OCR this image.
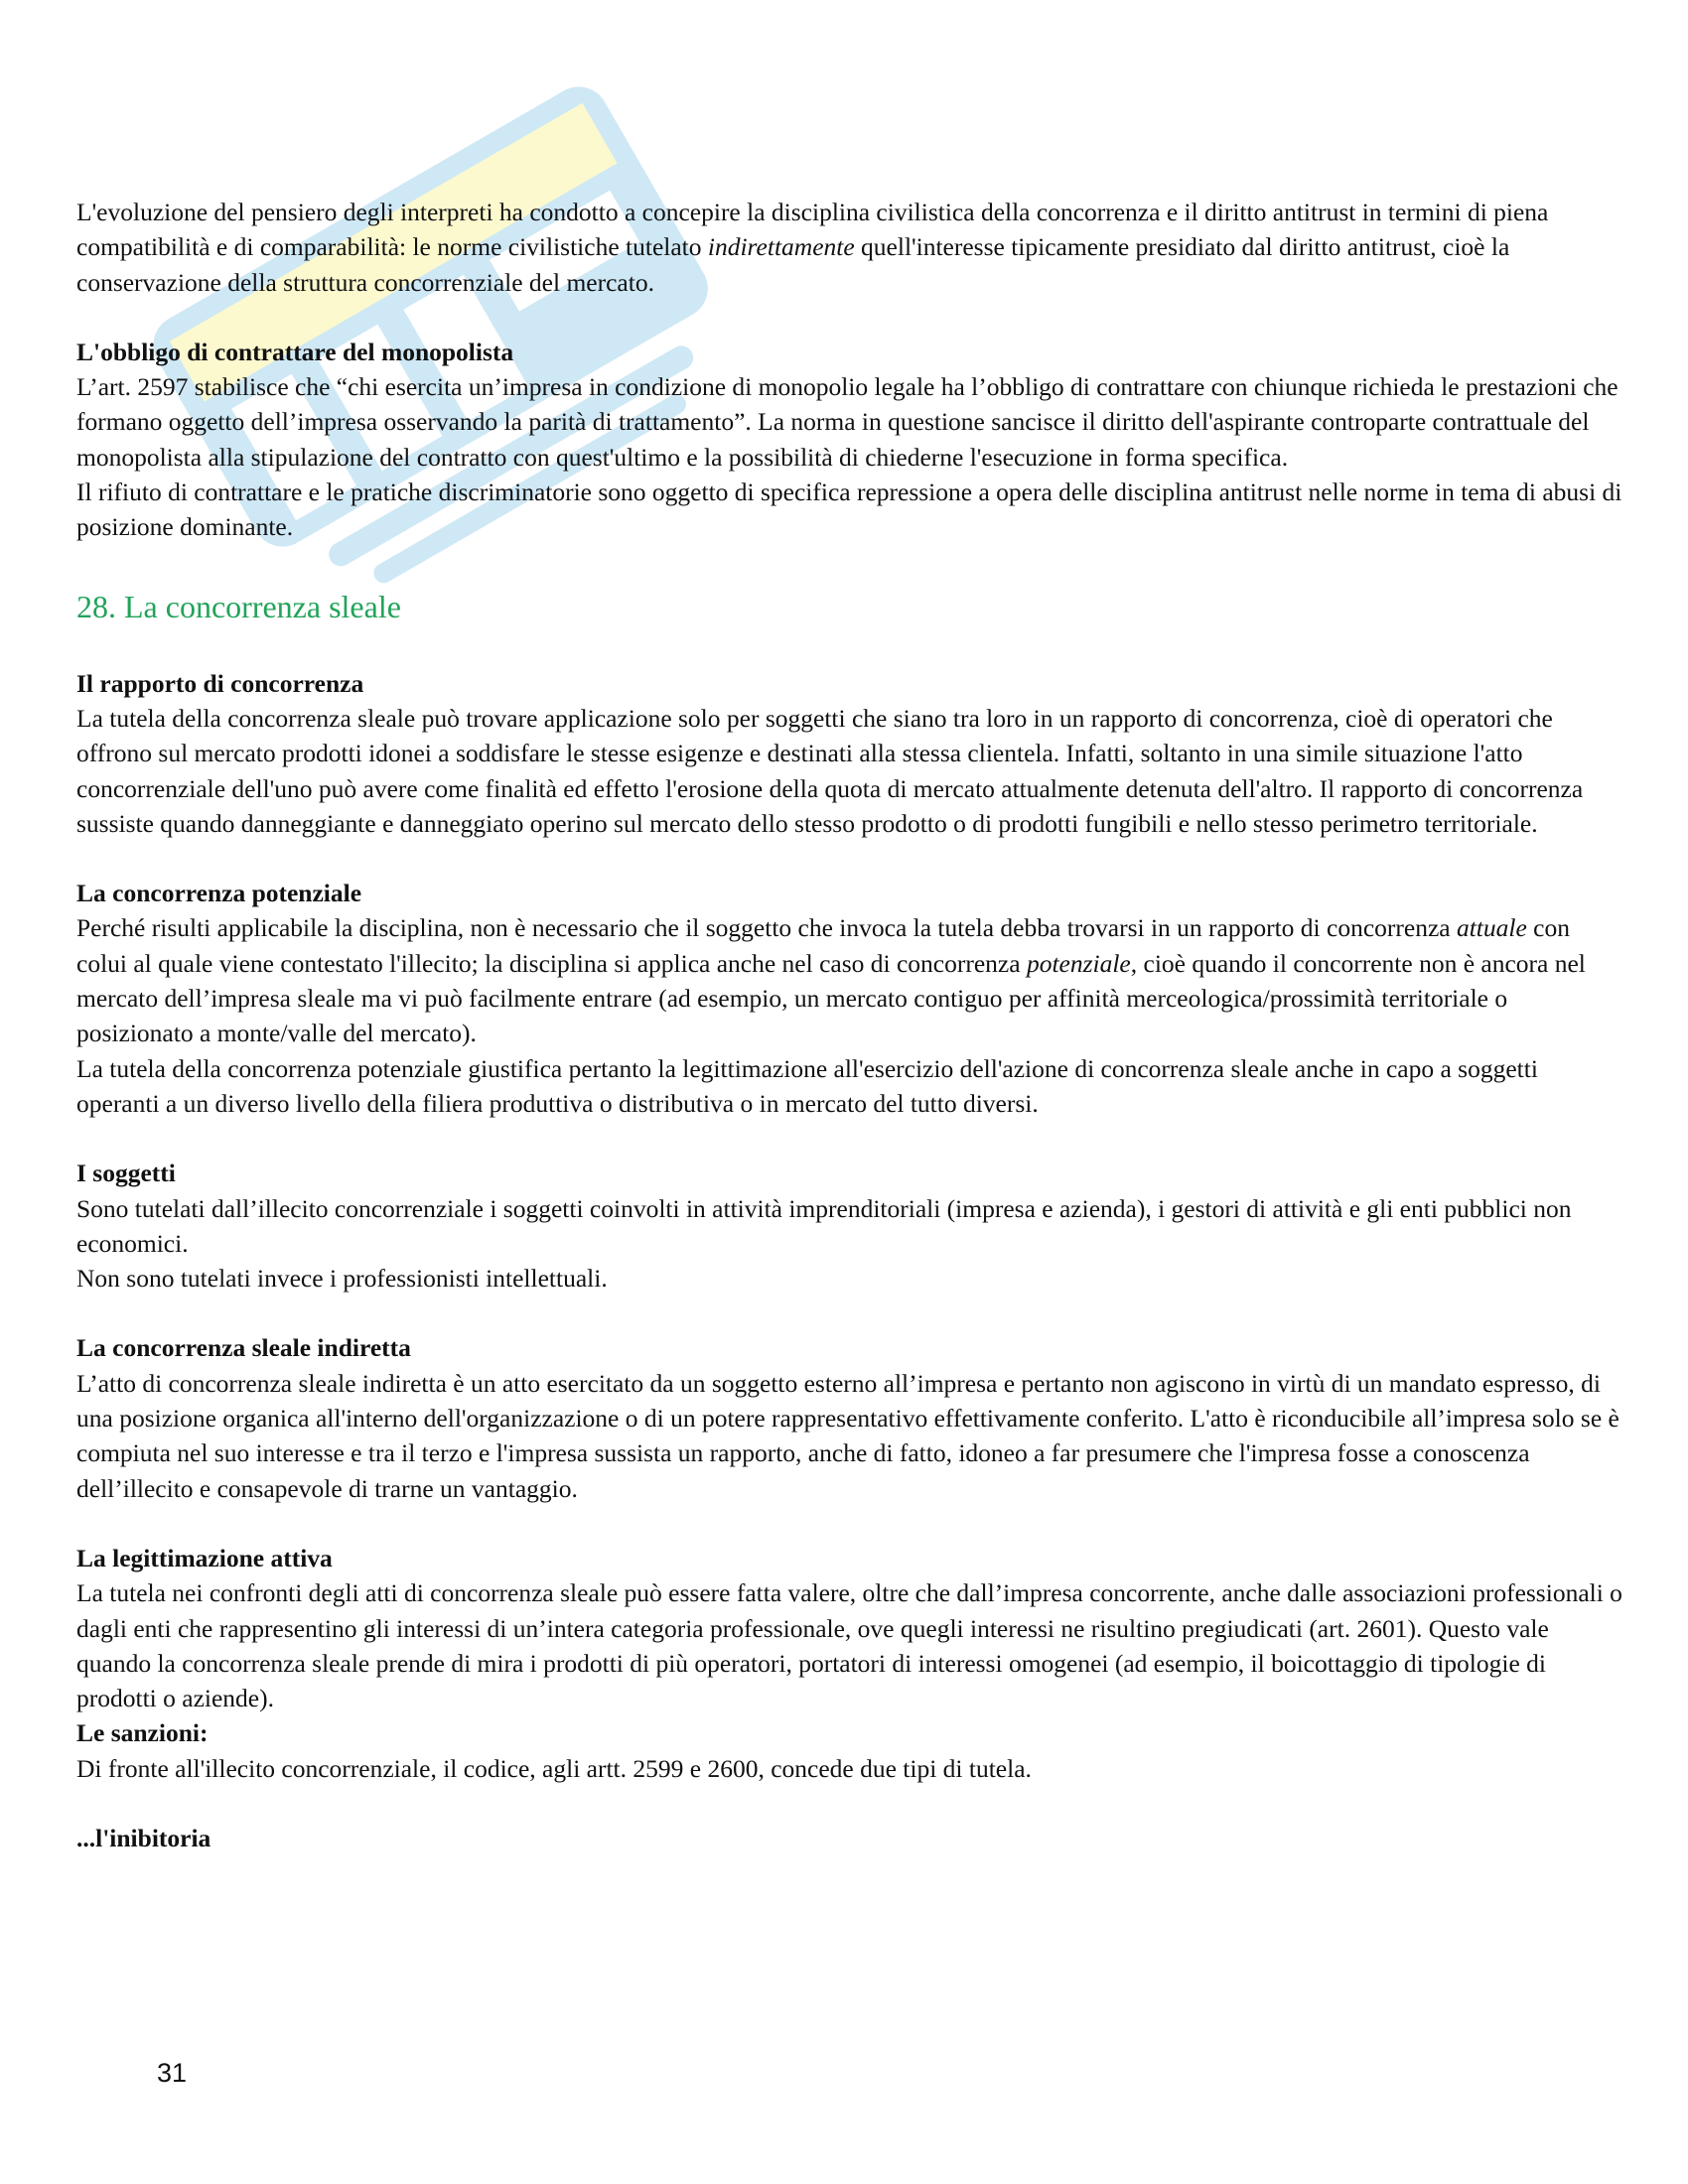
L'evoluzione del pensiero degli interpreti ha condotto a concepire la disciplina civilistica della concorrenza e il diritto antitrust in termini di piena compatibilità e di comparabilità: le norme civilistiche tutelato indirettamente quell'interesse tipicamente presidiato dal diritto antitrust, cioè la conservazione della struttura concorrenziale del mercato.

L'obbligo di contrattare del monopolista

L’art. 2597 stabilisce che “chi esercita un’impresa in condizione di monopolio legale ha l’obbligo di contrattare con chiunque richieda le prestazioni che formano oggetto dell’impresa osservando la parità di trattamento”. La norma in questione sancisce il diritto dell'aspirante controparte contrattuale del monopolista alla stipulazione del contratto con quest'ultimo e la possibilità di chiederne l'esecuzione in forma specifica.

Il rifiuto di contrattare e le pratiche discriminatorie sono oggetto di specifica repressione a opera delle disciplina antitrust nelle norme in tema di abusi di posizione dominante.

28. La concorrenza sleale

Il rapporto di concorrenza

La tutela della concorrenza sleale può trovare applicazione solo per soggetti che siano tra loro in un rapporto di concorrenza, cioè di operatori che offrono sul mercato prodotti idonei a soddisfare le stesse esigenze e destinati alla stessa clientela. Infatti, soltanto in una simile situazione l'atto concorrenziale dell'uno può avere come finalità ed effetto l'erosione della quota di mercato attualmente detenuta dell'altro. Il rapporto di concorrenza sussiste quando danneggiante e danneggiato operino sul mercato dello stesso prodotto o di prodotti fungibili e nello stesso perimetro territoriale.

La concorrenza potenziale

Perché risulti applicabile la disciplina, non è necessario che il soggetto che invoca la tutela debba trovarsi in un rapporto di concorrenza attuale con colui al quale viene contestato l'illecito; la disciplina si applica anche nel caso di concorrenza potenziale, cioè quando il concorrente non è ancora nel mercato dell’impresa sleale ma vi può facilmente entrare (ad esempio, un mercato contiguo per affinità merceologica/prossimità territoriale o posizionato a monte/valle del mercato).

La tutela della concorrenza potenziale giustifica pertanto la legittimazione all'esercizio dell'azione di concorrenza sleale anche in capo a soggetti operanti a un diverso livello della filiera produttiva o distributiva o in mercato del tutto diversi.

I soggetti

Sono tutelati dall’illecito concorrenziale i soggetti coinvolti in attività imprenditoriali (impresa e azienda), i gestori di attività e gli enti pubblici non economici.

Non sono tutelati invece i professionisti intellettuali.

La concorrenza sleale indiretta

L’atto di concorrenza sleale indiretta è un atto esercitato da un soggetto esterno all’impresa e pertanto non agiscono in virtù di un mandato espresso, di una posizione organica all'interno dell'organizzazione o di un potere rappresentativo effettivamente conferito. L'atto è riconducibile all’impresa solo se è compiuta nel suo interesse e tra il terzo e l'impresa sussista un rapporto, anche di fatto, idoneo a far presumere che l'impresa fosse a conoscenza dell’illecito e consapevole di trarne un vantaggio.

La legittimazione attiva

La tutela nei confronti degli atti di concorrenza sleale può essere fatta valere, oltre che dall’impresa concorrente, anche dalle associazioni professionali o dagli enti che rappresentino gli interessi di un’intera categoria professionale, ove quegli interessi ne risultino pregiudicati (art. 2601). Questo vale quando la concorrenza sleale prende di mira i prodotti di più operatori, portatori di interessi omogenei (ad esempio, il boicottaggio di tipologie di prodotti o aziende).

Le sanzioni:

Di fronte all'illecito concorrenziale, il codice, agli artt. 2599 e 2600, concede due tipi di tutela.

...l'inibitoria

31
